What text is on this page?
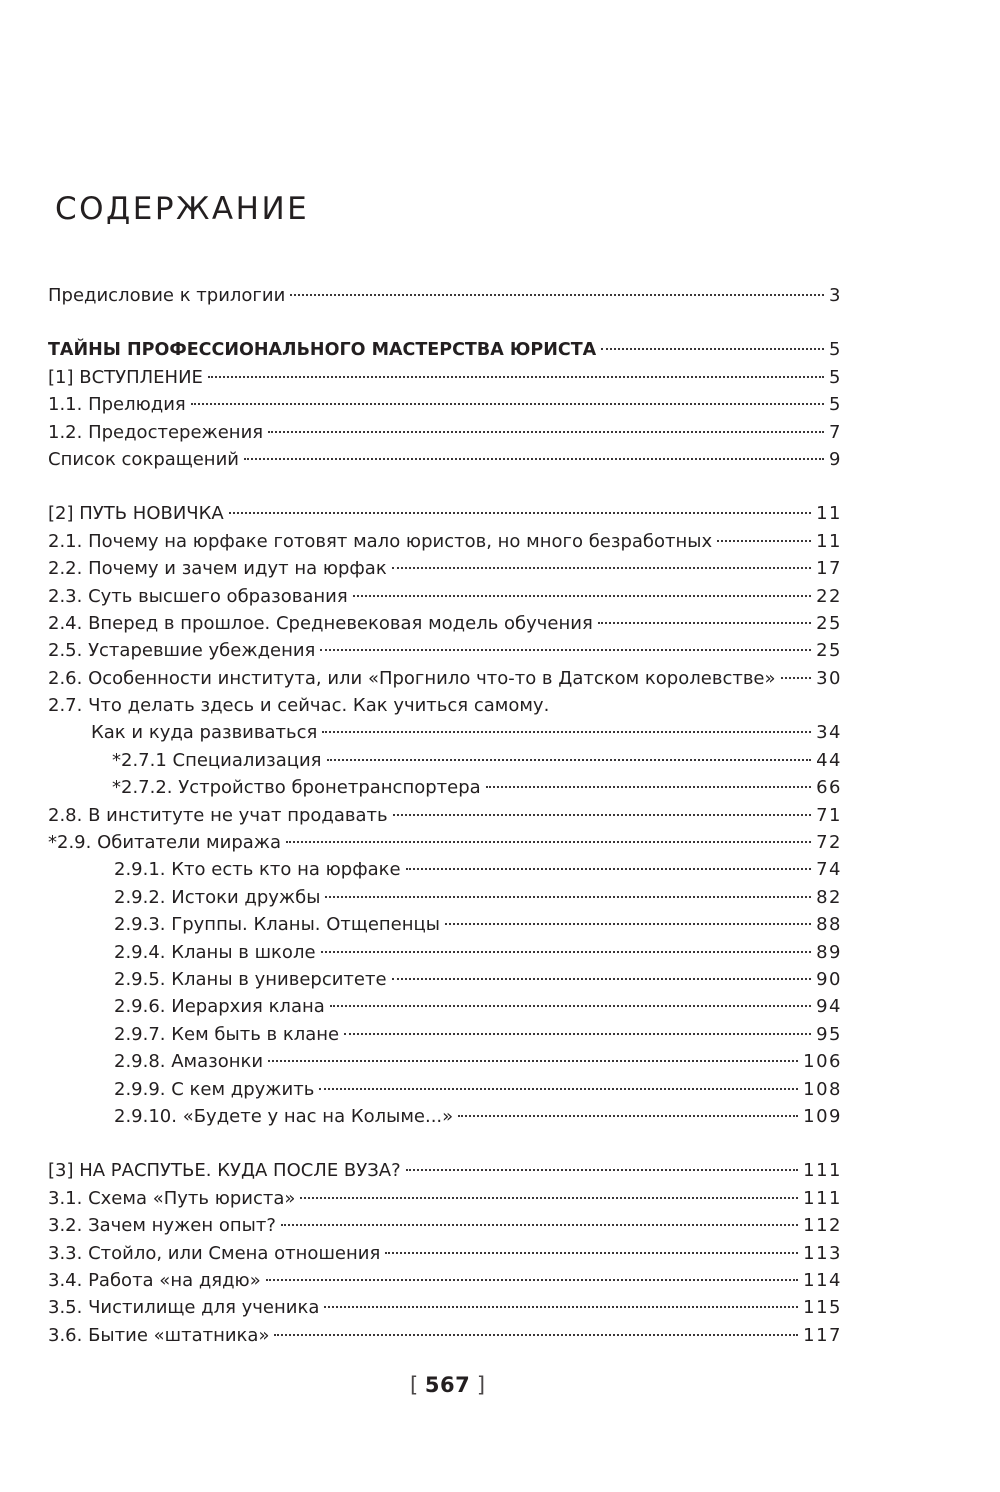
СОДЕРЖАНИЕ
Предисловие к трилогии	3
ТАЙНЫ ПРОФЕССИОНАЛЬНОГО МАСТЕРСТВА ЮРИСТА	5
[1] ВСТУПЛЕНИЕ	5
1.1. Прелюдия	5
1.2. Предостережения	7
Список сокращений	9
[2] ПУТЬ НОВИЧКА	11
2.1. Почему на юрфаке готовят мало юристов, но много безработных	11
2.2. Почему и зачем идут на юрфак	17
2.3. Суть высшего образования	22
2.4. Вперед в прошлое. Средневековая модель обучения	25
2.5. Устаревшие убеждения	25
2.6. Особенности института, или «Прогнило что-то в Датском королевстве» 30
2.7. Что делать здесь и сейчас. Как учиться самому.
Как и куда развиваться	34
*2.7.1 Специализация	44
*2.7.2. Устройство бронетранспортера	66
2.8. В институте не учат продавать	71
*2.9. Обитатели миража	72
2.9.1. Кто есть кто на юрфаке	74
2.9.2. Истоки дружбы	82
2.9.3. Группы. Кланы. Отщепенцы	88
2.9.4. Кланы в школе	89
2.9.5. Кланы в университете	90
2.9.6. Иерархия клана	94
2.9.7. Кем быть в клане	95
2.9.8. Амазонки	106
2.9.9. С кем дружить	108
2.9.10. «Будете у нас на Колыме...»	109
[3] НА РАСПУТЬЕ. КУДА ПОСЛЕ ВУЗА?	111
3.1. Схема «Путь юриста»	111
3.2. Зачем нужен опыт?	112
3.3. Стойло, или Смена отношения	113
3.4. Работа «на дядю»	114
3.5. Чистилище для ученика	115
3.6. Бытие «штатника»	117
[ 567 ]
